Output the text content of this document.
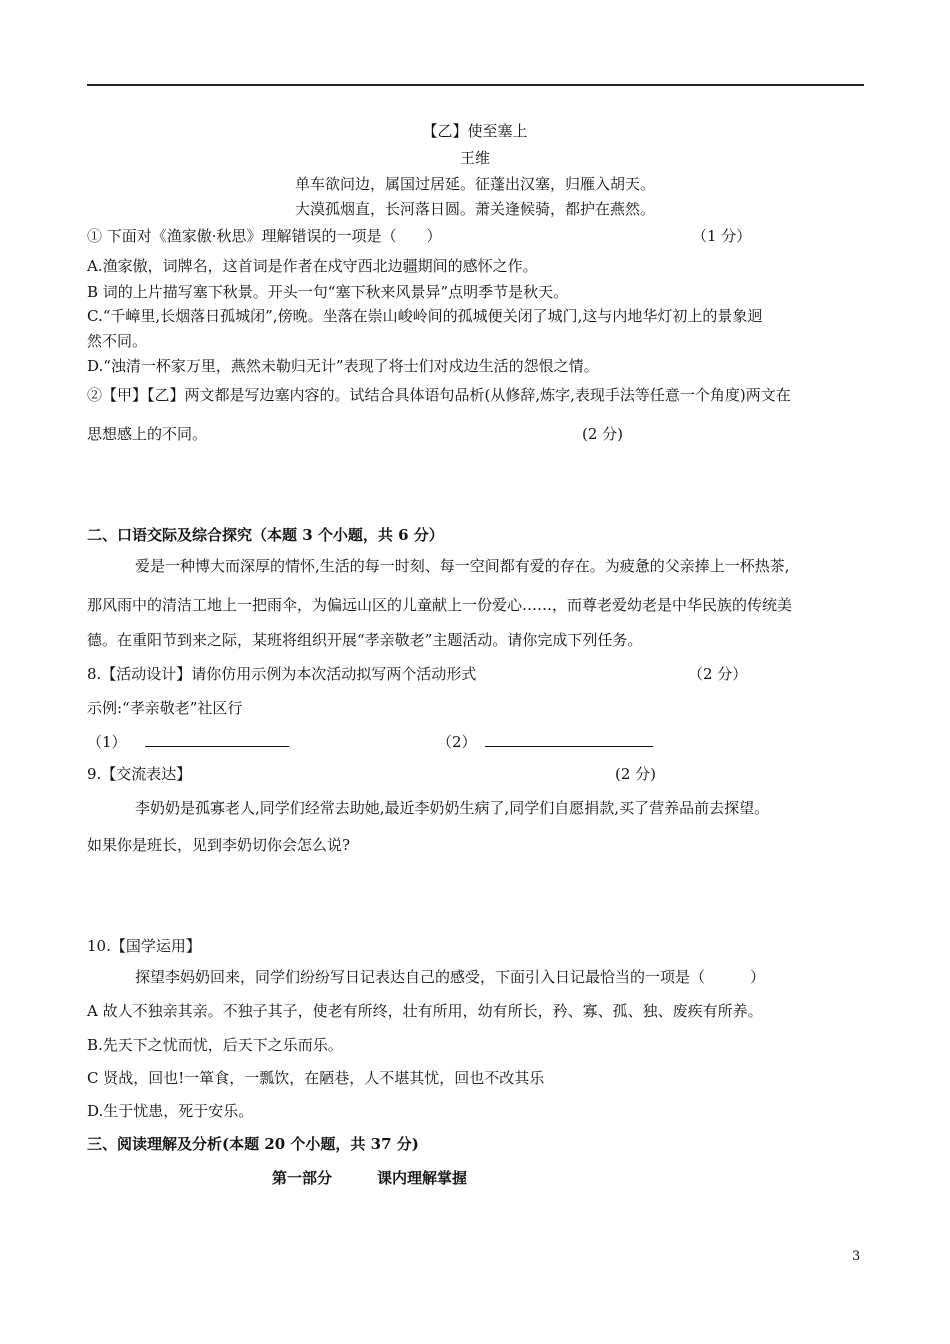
【乙】使至塞上
王维
单车欲问边，属国过居延。征蓬出汉塞，归雁入胡天。
大漠孤烟直，长河落日圆。萧关逢候骑，都护在燕然。
① 下面对《渔家傲·秋思》理解错误的一项是（　　）	（1 分）
A.渔家傲，词牌名，这首词是作者在戍守西北边疆期间的感怀之作。
B 词的上片描写塞下秋景。开头一句“塞下秋来风景异”点明季节是秋天。
C.“千嶂里,长烟落日孤城闭”,傍晚。坐落在崇山峻岭间的孤城便关闭了城门,这与内地华灯初上的景象迥
然不同。
D.“浊清一杯家万里，燕然未勒归无计”表现了将士们对戍边生活的怨恨之情。
②【甲】【乙】两文都是写边塞内容的。试结合具体语句品析(从修辞,炼字,表现手法等任意一个角度)两文在
思想感上的不同。	(2 分)
二、口语交际及综合探究（本题 3 个小题，共 6 分）
爱是一种博大而深厚的情怀,生活的每一时刻、每一空间都有爱的存在。为疲惫的父亲捧上一杯热茶,
那风雨中的清洁工地上一把雨伞，为偏远山区的儿童献上一份爱心……，而尊老爱幼老是中华民族的传统美
德。在重阳节到来之际，某班将组织开展“孝亲敬老”主题活动。请你完成下列任务。
8.【活动设计】请你仿用示例为本次活动拟写两个活动形式	（2 分）
示例:“孝亲敬老”社区行
（1）	（2）
9.【交流表达】	(2 分)
李奶奶是孤寡老人,同学们经常去助她,最近李奶奶生病了,同学们自愿捐款,买了营养品前去探望。
如果你是班长，见到李奶切你会怎么说?
10.【国学运用】
探望李妈奶回来，同学们纷纷写日记表达自己的感受，下面引入日记最恰当的一项是（　　　）
A 故人不独亲其亲。不独子其子，使老有所终，壮有所用，幼有所长，矜、寡、孤、独、废疾有所养。
B.先天下之忧而忧，后天下之乐而乐。
C 贤战，回也!一箪食，一瓢饮，在陋巷，人不堪其忧，回也不改其乐
D.生于忧患，死于安乐。
三、阅读理解及分析(本题 20 个小题，共 37 分)
第一部分　　　课内理解掌握
3
